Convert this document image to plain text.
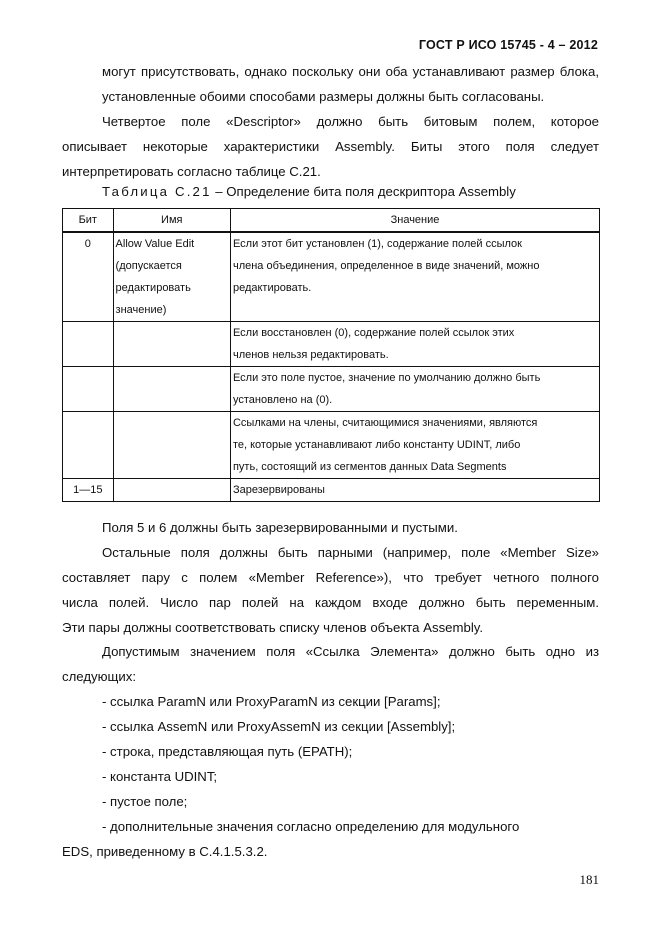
ГОСТ Р ИСО 15745 - 4 – 2012

могут присутствовать, однако поскольку они оба устанавливают размер блока,
установленные обоими способами размеры должны быть согласованы.

Четвертое поле «Descriptor» должно быть битовым полем, которое
описывает некоторые характеристики Assembly. Биты этого поля следует
интерпретировать согласно таблице С.21.

Таблица С.21 – Определение бита поля дескриптора Assembly
Бит	Имя	Значение
0	Allow Value Edit
(допускается
редактировать
значение)	Если этот бит установлен (1), содержание полей ссылок
члена объединения, определенное в виде значений, можно
редактировать.

		Если восстановлен (0), содержание полей ссылок этих
членов нельзя редактировать.

		Если это поле пустое, значение по умолчанию должно быть
установлено на (0).

		Ссылками на члены, считающимися значениями, являются
те, которые устанавливают либо константу UDINT, либо
путь, состоящий из сегментов данных Data Segments

1—15		Зарезервированы

Поля 5 и 6 должны быть зарезервированными и пустыми.

Остальные поля должны быть парными (например, поле «Member Size»
составляет пару с полем «Member Reference»), что требует четного полного
числа полей. Число пар полей на каждом входе должно быть переменным.
Эти пары должны соответствовать списку членов объекта Assembly.

Допустимым значением поля «Ссылка Элемента» должно быть одно из
следующих:

- ссылка ParamN или ProxyParamN из секции [Params];
- ссылка AssemN или ProxyAssemN из секции [Assembly];
- строка, представляющая путь (EPATH);
- константа UDINT;
- пустое поле;
- дополнительные значения согласно определению для модульного

EDS, приведенному в С.4.1.5.3.2.

181
